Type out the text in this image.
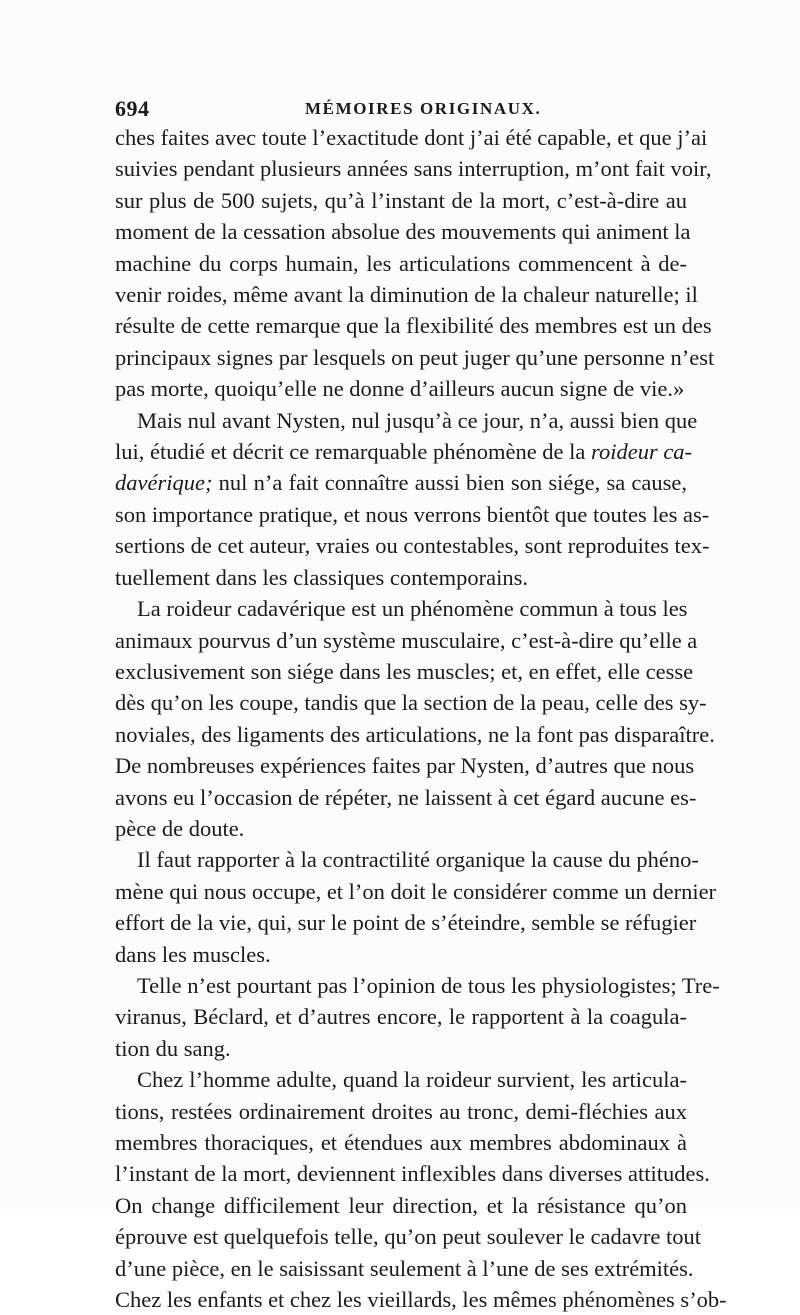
694	MÉMOIRES ORIGINAUX.
ches faites avec toute l’exactitude dont j’ai été capable, et que j’ai
suivies pendant plusieurs années sans interruption, m’ont fait voir,
sur plus de 500 sujets, qu’à l’instant de la mort, c’est-à-dire au
moment de la cessation absolue des mouvements qui animent la
machine du corps humain, les articulations commencent à de-
venir roides, même avant la diminution de la chaleur naturelle; il
résulte de cette remarque que la flexibilité des membres est un des
principaux signes par lesquels on peut juger qu’une personne n’est
pas morte, quoiqu’elle ne donne d’ailleurs aucun signe de vie.»
Mais nul avant Nysten, nul jusqu’à ce jour, n’a, aussi bien que
lui, étudié et décrit ce remarquable phénomène de la roideur ca-
davérique; nul n’a fait connaître aussi bien son siége, sa cause,
son importance pratique, et nous verrons bientôt que toutes les as-
sertions de cet auteur, vraies ou contestables, sont reproduites tex-
tuellement dans les classiques contemporains.
La roideur cadavérique est un phénomène commun à tous les
animaux pourvus d’un système musculaire, c’est-à-dire qu’elle a
exclusivement son siége dans les muscles; et, en effet, elle cesse
dès qu’on les coupe, tandis que la section de la peau, celle des sy-
noviales, des ligaments des articulations, ne la font pas disparaître.
De nombreuses expériences faites par Nysten, d’autres que nous
avons eu l’occasion de répéter, ne laissent à cet égard aucune es-
pèce de doute.
Il faut rapporter à la contractilité organique la cause du phéno-
mène qui nous occupe, et l’on doit le considérer comme un dernier
effort de la vie, qui, sur le point de s’éteindre, semble se réfugier
dans les muscles.
Telle n’est pourtant pas l’opinion de tous les physiologistes; Tre-
viranus, Béclard, et d’autres encore, le rapportent à la coagula-
tion du sang.
Chez l’homme adulte, quand la roideur survient, les articula-
tions, restées ordinairement droites au tronc, demi-fléchies aux
membres thoraciques, et étendues aux membres abdominaux à
l’instant de la mort, deviennent inflexibles dans diverses attitudes.
On change difficilement leur direction, et la résistance qu’on
éprouve est quelquefois telle, qu’on peut soulever le cadavre tout
d’une pièce, en le saisissant seulement à l’une de ses extrémités.
Chez les enfants et chez les vieillards, les mêmes phénomènes s’ob-
